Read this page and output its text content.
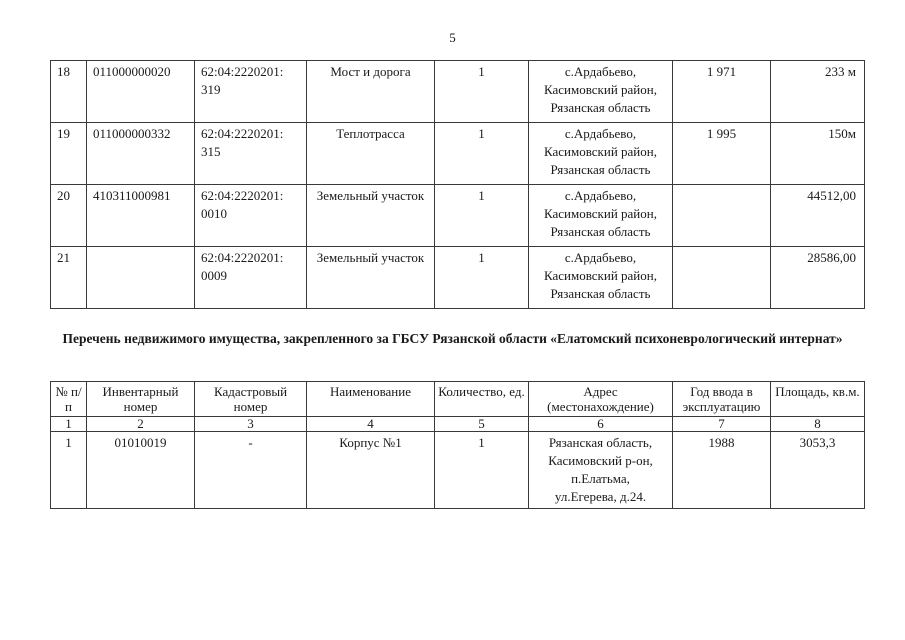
5
18	011000000020	62:04:2220201: 319	Мост и дорога	1	с.Ардабьево,
Касимовский район,
Рязанская область	1 971	233 м
19	011000000332	62:04:2220201: 315	Теплотрасса	1	с.Ардабьево,
Касимовский район,
Рязанская область	1 995	150м
20	410311000981	62:04:2220201: 0010	Земельный участок	1	с.Ардабьево,
Касимовский район,
Рязанская область		44512,00
21		62:04:2220201: 0009	Земельный участок	1	с.Ардабьево,
Касимовский район,
Рязанская область		28586,00
Перечень недвижимого имущества, закрепленного за ГБСУ Рязанской области «Елатомский психоневрологический интернат»
№ п/п	Инвентарный номер	Кадастровый номер	Наименование	Количество, ед.	Адрес (местонахождение)	Год ввода в эксплуатацию	Площадь, кв.м.
1	2	3	4	5	6	7	8
1	01010019	-	Корпус №1	1	Рязанская область,
Касимовский р-он,
п.Елатьма,
ул.Егерева, д.24.	1988	3053,3
